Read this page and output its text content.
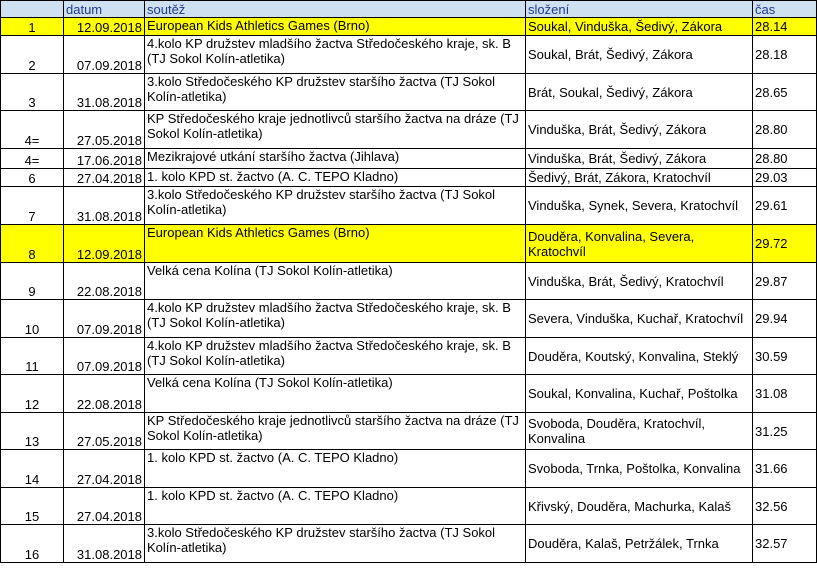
	datum	soutěž	složení	čas
1	12.09.2018	European Kids Athletics Games (Brno)	Soukal, Vinduška, Šedivý, Zákora	28.14
2	07.09.2018	4.kolo KP družstev mladšího žactva Středočeského kraje, sk. B (TJ Sokol Kolín-atletika)	Soukal, Brát, Šedivý, Zákora	28.18
3	31.08.2018	3.kolo Středočeského KP družstev staršího žactva (TJ Sokol Kolín-atletika)	Brát, Soukal, Šedivý, Zákora	28.65
4=	27.05.2018	KP Středočeského kraje jednotlivců staršího žactva na dráze (TJ Sokol Kolín-atletika)	Vinduška, Brát, Šedivý, Zákora	28.80
4=	17.06.2018	Mezikrajové utkání staršího žactva (Jihlava)	Vinduška, Brát, Šedivý, Zákora	28.80
6	27.04.2018	1. kolo KPD st. žactvo (A. C. TEPO Kladno)	Šedivý, Brát, Zákora, Kratochvíl	29.03
7	31.08.2018	3.kolo Středočeského KP družstev staršího žactva (TJ Sokol Kolín-atletika)	Vinduška, Synek, Severa, Kratochvíl	29.61
8	12.09.2018	European Kids Athletics Games (Brno)	Douděra, Konvalina, Severa, Kratochvíl	29.72
9	22.08.2018	Velká cena Kolína (TJ Sokol Kolín-atletika)	Vinduška, Brát, Šedivý, Kratochvíl	29.87
10	07.09.2018	4.kolo KP družstev mladšího žactva Středočeského kraje, sk. B (TJ Sokol Kolín-atletika)	Severa, Vinduška, Kuchař, Kratochvíl	29.94
11	07.09.2018	4.kolo KP družstev mladšího žactva Středočeského kraje, sk. B (TJ Sokol Kolín-atletika)	Douděra, Koutský, Konvalina, Steklý	30.59
12	22.08.2018	Velká cena Kolína (TJ Sokol Kolín-atletika)	Soukal, Konvalina, Kuchař, Poštolka	31.08
13	27.05.2018	KP Středočeského kraje jednotlivců staršího žactva na dráze (TJ Sokol Kolín-atletika)	Svoboda, Douděra, Kratochvíl, Konvalina	31.25
14	27.04.2018	1. kolo KPD st. žactvo (A. C. TEPO Kladno)	Svoboda, Trnka, Poštolka, Konvalina	31.66
15	27.04.2018	1. kolo KPD st. žactvo (A. C. TEPO Kladno)	Křivský, Douděra, Machurka, Kalaš	32.56
16	31.08.2018	3.kolo Středočeského KP družstev staršího žactva (TJ Sokol Kolín-atletika)	Douděra, Kalaš, Petržálek, Trnka	32.57
